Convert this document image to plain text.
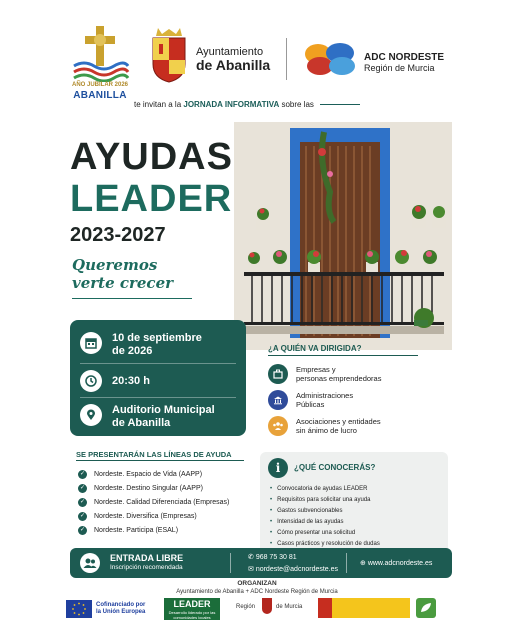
AÑO JUBILAR 2026
ABANILLA
Ayuntamiento
de Abanilla	ADC NORDESTE
Región de Murcia
te invitan a la JORNADA INFORMATIVA sobre las
AYUDAS
LEADER
2023-2027
Queremos
verte crecer
10 de septiembre
de 2026
20:30 h
Auditorio Municipal
de Abanilla
¿A QUIÉN VA DIRIGIDA?
Empresas y
personas emprendedoras
Administraciones
Públicas
Asociaciones y entidades
sin ánimo de lucro
SE PRESENTARÁN LAS LÍNEAS DE AYUDA
✓ Nordeste. Espacio de Vida (AAPP)
✓ Nordeste. Destino Singular (AAPP)
✓ Nordeste. Calidad Diferenciada (Empresas)
✓ Nordeste. Diversifica (Empresas)
✓ Nordeste. Participa (ESAL)
i	¿QUÉ CONOCERÁS?
• Convocatoria de ayudas LEADER
• Requisitos para solicitar una ayuda
• Gastos subvencionables
• Intensidad de las ayudas
• Cómo presentar una solicitud
• Casos prácticos y resolución de dudas
ENTRADA LIBRE
Inscripción recomendada
✆ 968 75 30 81
✉ nordeste@adcnordeste.es
⊕ www.adcnordeste.es
ORGANIZAN
Ayuntamiento de Abanilla + ADC Nordeste Región de Murcia
Cofinanciado por
la Unión Europea
LEADER
Desarrollo liderado por las comunidades locales
Región	de Murcia
